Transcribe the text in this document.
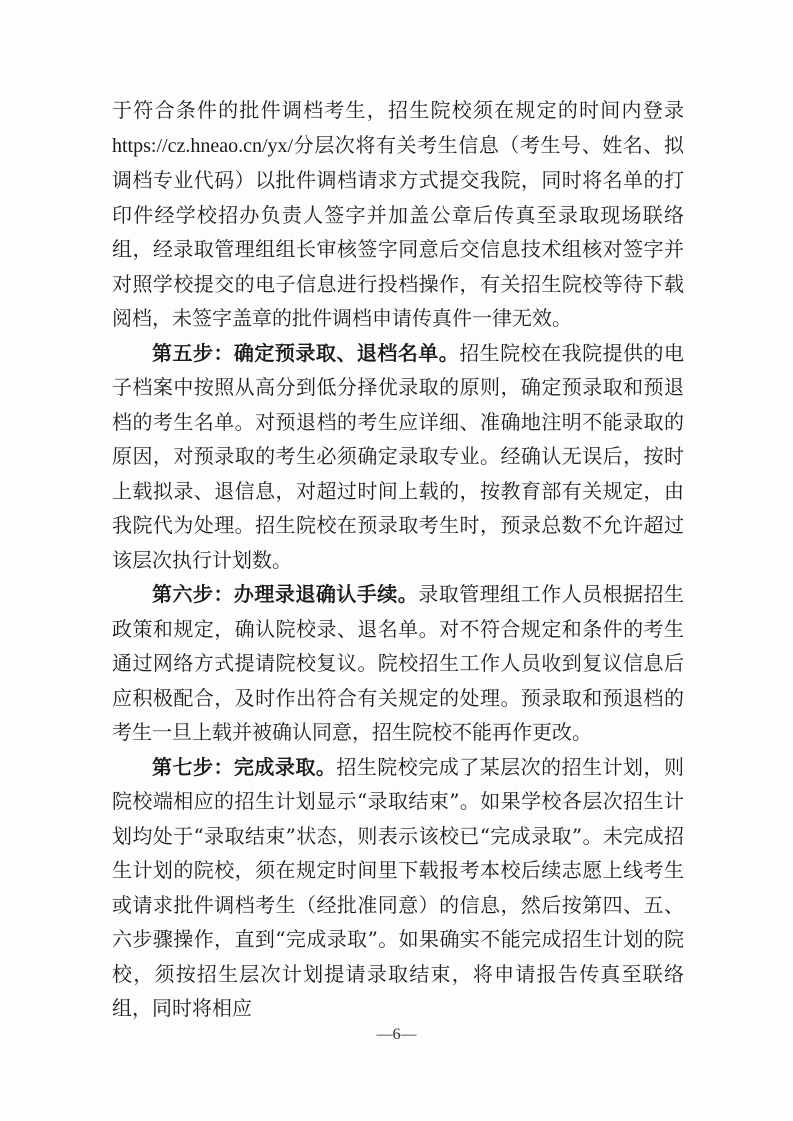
于符合条件的批件调档考生，招生院校须在规定的时间内登录https://cz.hneao.cn/yx/分层次将有关考生信息（考生号、姓名、拟调档专业代码）以批件调档请求方式提交我院，同时将名单的打印件经学校招办负责人签字并加盖公章后传真至录取现场联络组，经录取管理组组长审核签字同意后交信息技术组核对签字并对照学校提交的电子信息进行投档操作，有关招生院校等待下载阅档，未签字盖章的批件调档申请传真件一律无效。

第五步：确定预录取、退档名单。招生院校在我院提供的电子档案中按照从高分到低分择优录取的原则，确定预录取和预退档的考生名单。对预退档的考生应详细、准确地注明不能录取的原因，对预录取的考生必须确定录取专业。经确认无误后，按时上载拟录、退信息，对超过时间上载的，按教育部有关规定，由我院代为处理。招生院校在预录取考生时，预录总数不允许超过该层次执行计划数。

第六步：办理录退确认手续。录取管理组工作人员根据招生政策和规定，确认院校录、退名单。对不符合规定和条件的考生通过网络方式提请院校复议。院校招生工作人员收到复议信息后应积极配合，及时作出符合有关规定的处理。预录取和预退档的考生一旦上载并被确认同意，招生院校不能再作更改。

第七步：完成录取。招生院校完成了某层次的招生计划，则院校端相应的招生计划显示“录取结束”。如果学校各层次招生计划均处于“录取结束”状态，则表示该校已“完成录取”。未完成招生计划的院校，须在规定时间里下载报考本校后续志愿上线考生或请求批件调档考生（经批准同意）的信息，然后按第四、五、六步骤操作，直到“完成录取”。如果确实不能完成招生计划的院校，须按招生层次计划提请录取结束，将申请报告传真至联络组，同时将相应

—6—
